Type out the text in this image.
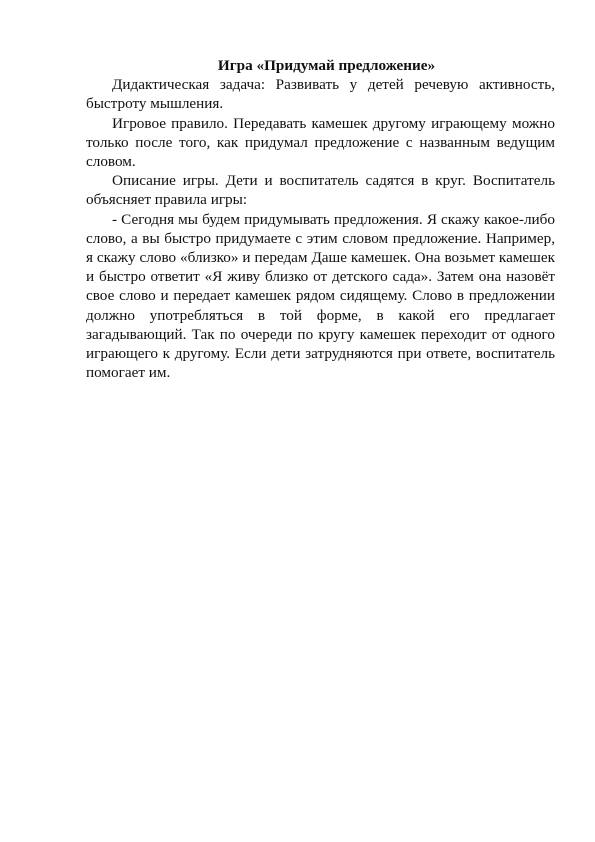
Игра «Придумай предложение»

Дидактическая задача: Развивать у детей речевую активность, быстроту мышления.

Игровое правило. Передавать камешек другому играющему можно только после того, как придумал предложение с названным ведущим словом.

Описание игры. Дети и воспитатель садятся в круг. Воспитатель объясняет правила игры:

- Сегодня мы будем придумывать предложения. Я скажу какое-либо слово, а вы быстро придумаете с этим словом предложение. Например, я скажу слово «близко» и передам Даше камешек. Она возьмет камешек и быстро ответит «Я живу близко от детского сада». Затем она назовёт свое слово и передает камешек рядом сидящему. Слово в предложении должно употребляться в той форме, в какой его предлагает загадывающий. Так по очереди по кругу камешек переходит от одного играющего к другому. Если дети затрудняются при ответе, воспитатель помогает им.
